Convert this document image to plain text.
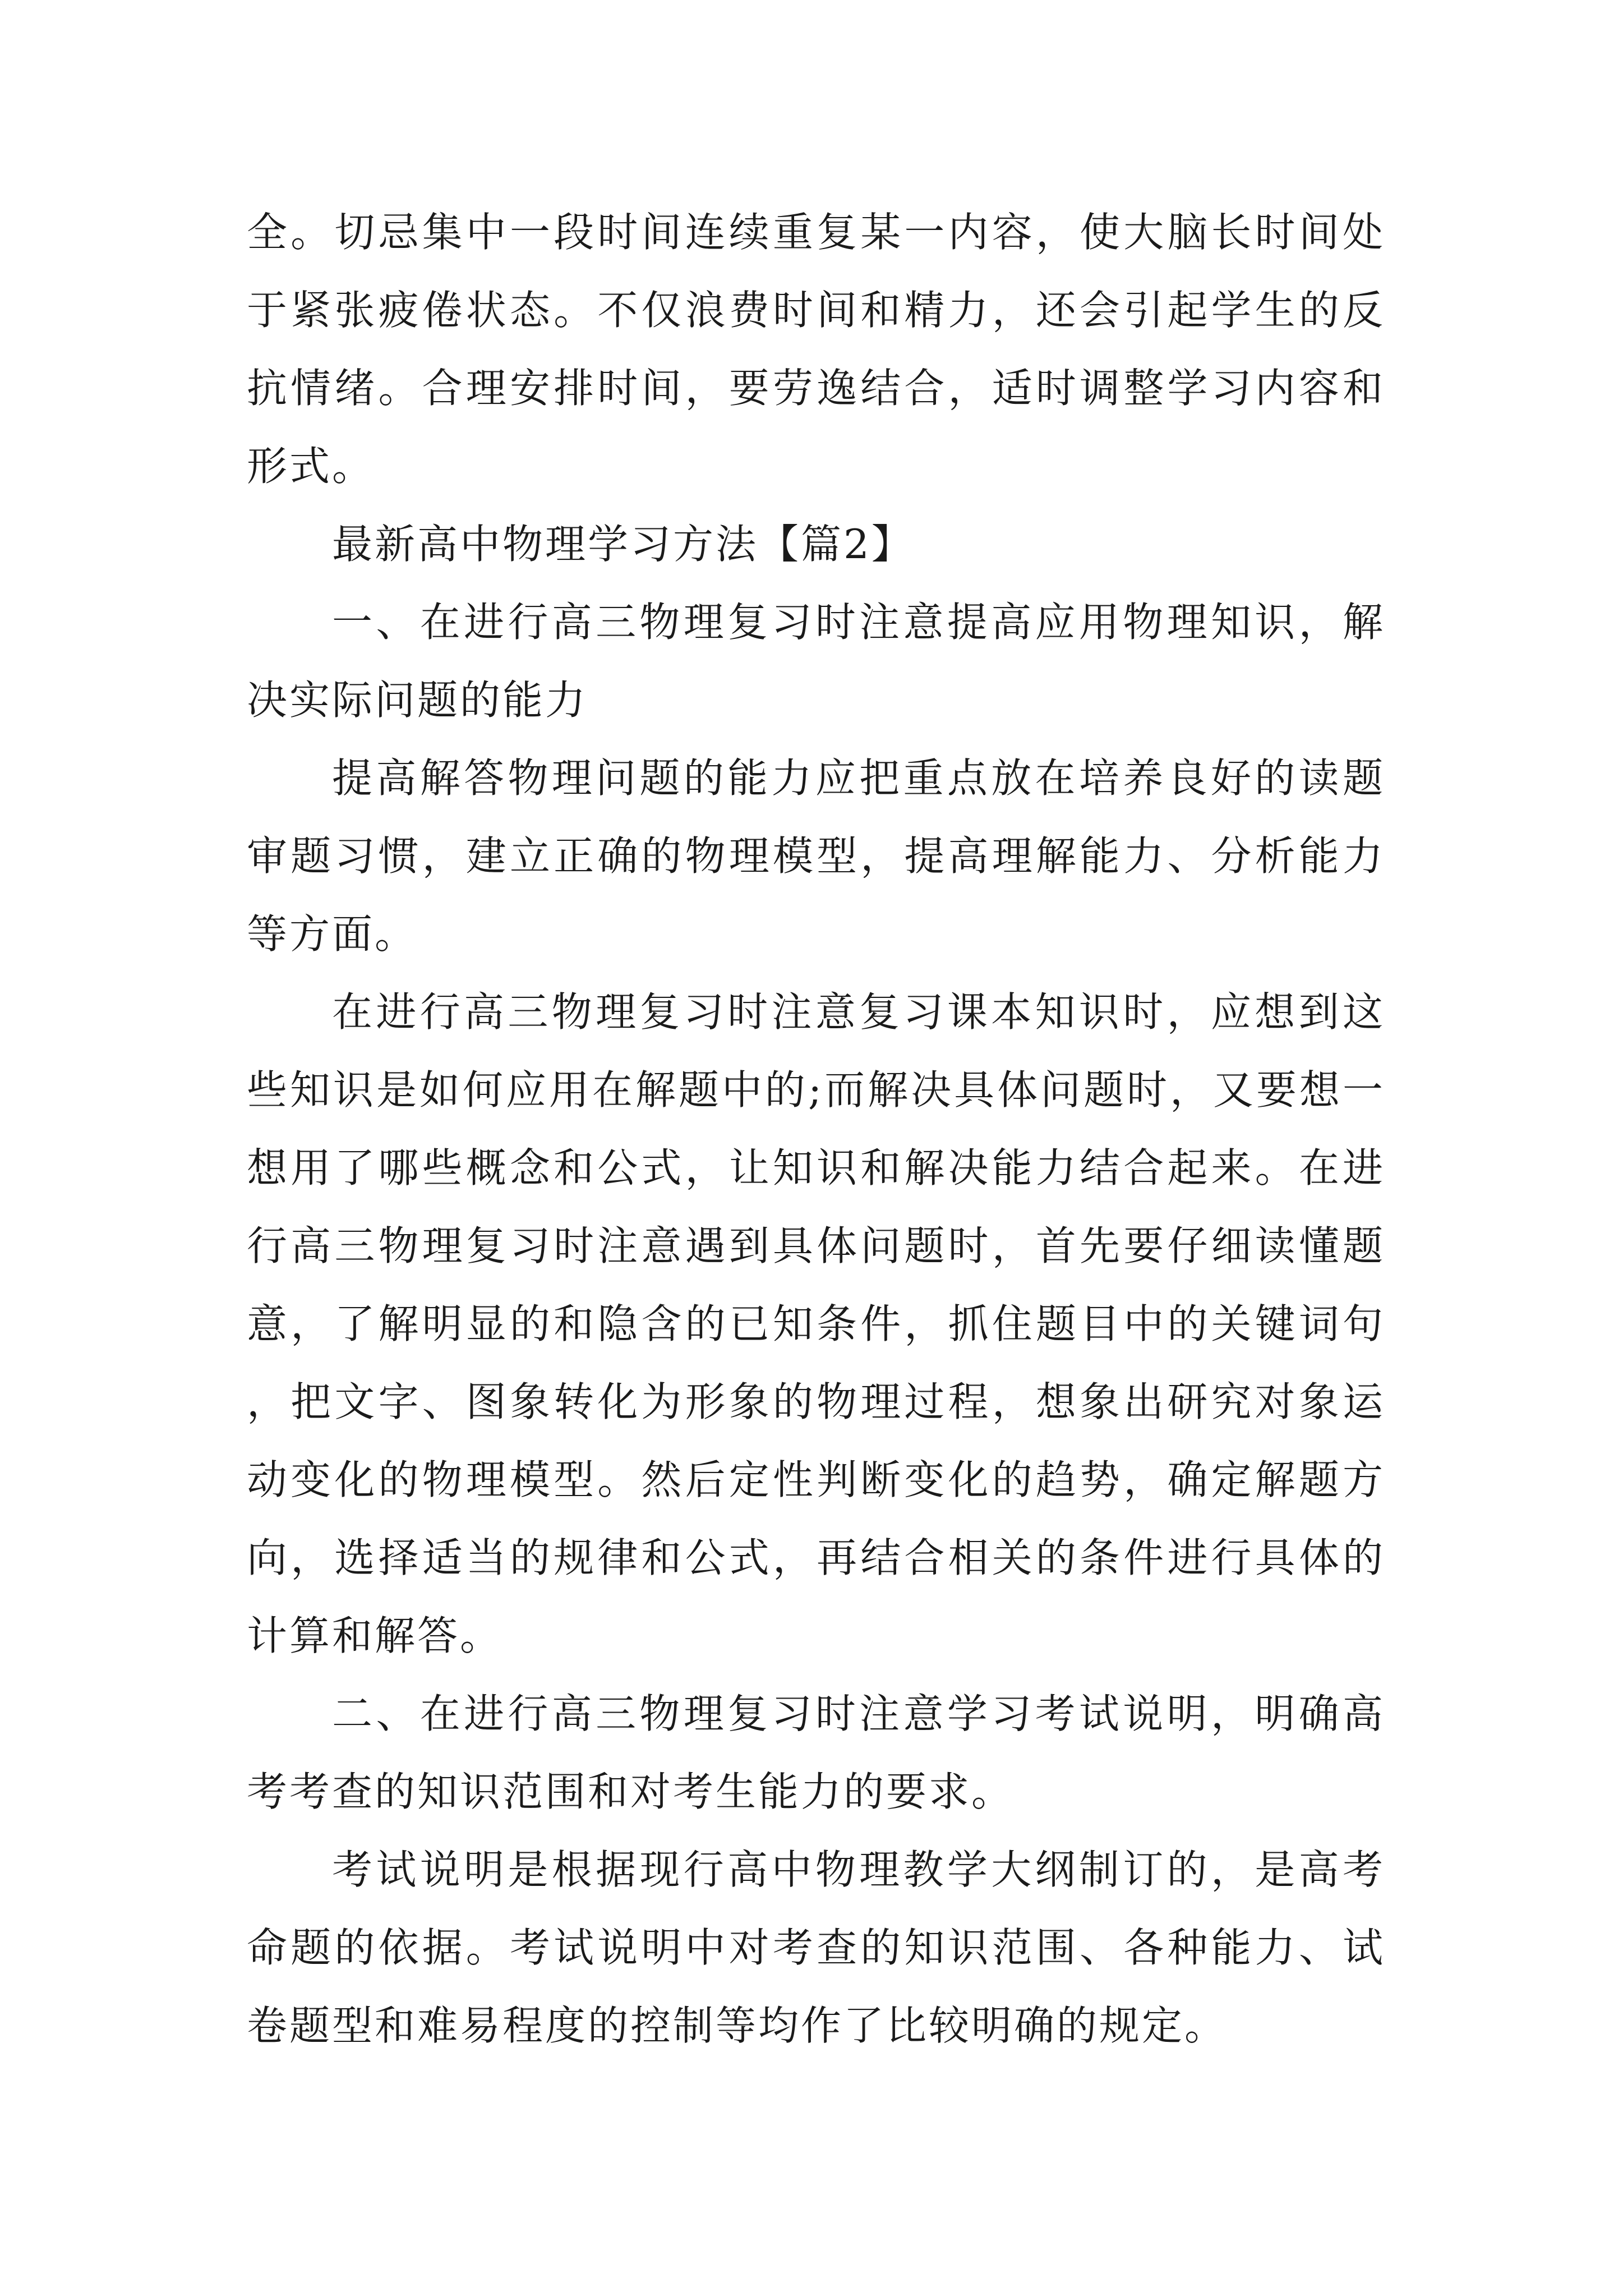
全。切忌集中一段时间连续重复某一内容，使大脑长时间处于紧张疲倦状态。不仅浪费时间和精力，还会引起学生的反抗情绪。合理安排时间，要劳逸结合，适时调整学习内容和形式。

最新高中物理学习方法【篇2】

一、在进行高三物理复习时注意提高应用物理知识，解决实际问题的能力

提高解答物理问题的能力应把重点放在培养良好的读题审题习惯，建立正确的物理模型，提高理解能力、分析能力等方面。

在进行高三物理复习时注意复习课本知识时，应想到这些知识是如何应用在解题中的;而解决具体问题时，又要想一想用了哪些概念和公式，让知识和解决能力结合起来。在进行高三物理复习时注意遇到具体问题时，首先要仔细读懂题意，了解明显的和隐含的已知条件，抓住题目中的关键词句，把文字、图象转化为形象的物理过程，想象出研究对象运动变化的物理模型。然后定性判断变化的趋势，确定解题方向，选择适当的规律和公式，再结合相关的条件进行具体的计算和解答。

二、在进行高三物理复习时注意学习考试说明，明确高考考查的知识范围和对考生能力的要求。

考试说明是根据现行高中物理教学大纲制订的，是高考命题的依据。考试说明中对考查的知识范围、各种能力、试卷题型和难易程度的控制等均作了比较明确的规定。
